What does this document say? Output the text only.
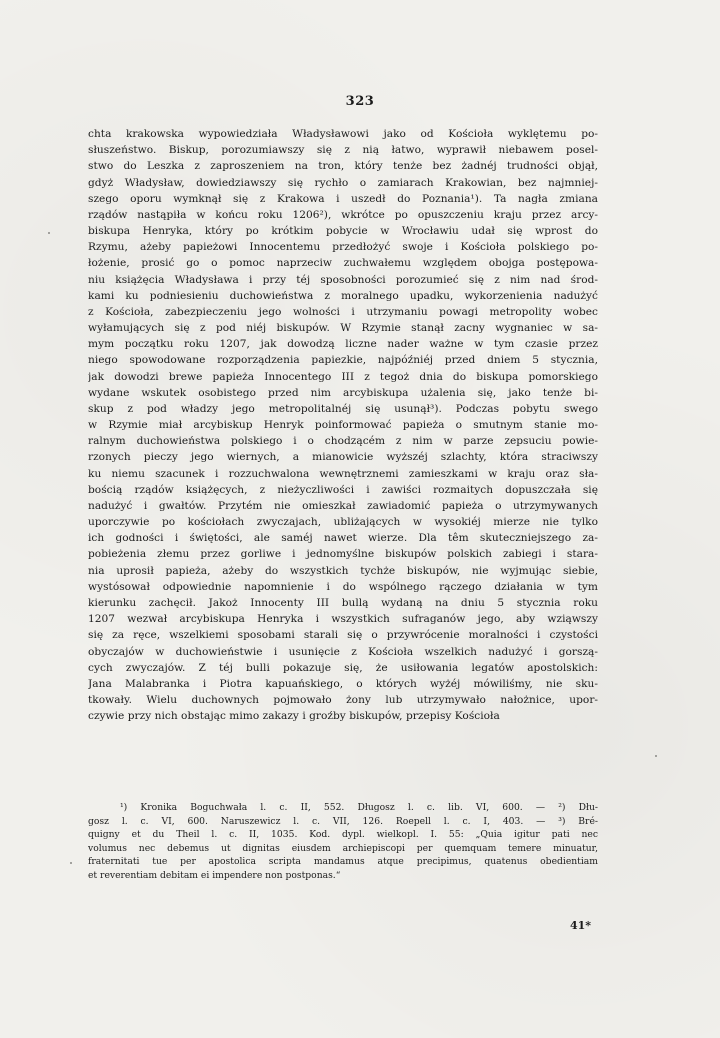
323
chta krakowska wypowiedziała Władysławowi jako od Kościoła wyklętemu po-
słuszeństwo. Biskup, porozumiawszy się z nią łatwo, wyprawił niebawem posel-
stwo do Leszka z zaproszeniem na tron, który tenże bez żadnéj trudności objął,
gdyż Władysław, dowiedziawszy się rychło o zamiarach Krakowian, bez najmniej-
szego oporu wymknął się z Krakowa i uszedł do Poznania¹). Ta nagła zmiana
rządów nastąpiła w końcu roku 1206²), wkrótce po opuszczeniu kraju przez arcy-
biskupa Henryka, który po krótkim pobycie w Wrocławiu udał się wprost do
Rzymu, ażeby papieżowi Innocentemu przedłożyć swoje i Kościoła polskiego po-
łożenie, prosić go o pomoc naprzeciw zuchwałemu względem obojga postępowa-
niu książęcia Władysława i przy téj sposobności porozumieć się z nim nad środ-
kami ku podniesieniu duchowieństwa z moralnego upadku, wykorzenienia nadużyć
z Kościoła, zabezpieczeniu jego wolności i utrzymaniu powagi metropolity wobec
wyłamujących się z pod niéj biskupów. W Rzymie stanął zacny wygnaniec w sa-
mym początku roku 1207, jak dowodzą liczne nader ważne w tym czasie przez
niego spowodowane rozporządzenia papiezkie, najpóźniéj przed dniem 5 stycznia,
jak dowodzi brewe papieża Innocentego III z tegoż dnia do biskupa pomorskiego
wydane wskutek osobistego przed nim arcybiskupa użalenia się, jako tenże bi-
skup z pod władzy jego metropolitalnéj się usunął³). Podczas pobytu swego
w Rzymie miał arcybiskup Henryk poinformować papieża o smutnym stanie mo-
ralnym duchowieństwa polskiego i o chodzącém z nim w parze zepsuciu powie-
rzonych pieczy jego wiernych, a mianowicie wyższéj szlachty, która straciwszy
ku niemu szacunek i rozzuchwalona wewnętrznemi zamieszkami w kraju oraz sła-
bością rządów książęcych, z nieżyczliwości i zawiści rozmaitych dopuszczała się
nadużyć i gwałtów. Przytém nie omieszkał zawiadomić papieża o utrzymywanych
uporczywie po kościołach zwyczajach, ubliżających w wysokiéj mierze nie tylko
ich godności i świętości, ale saméj nawet wierze. Dla têm skuteczniejszego za-
pobieżenia złemu przez gorliwe i jednomyślne biskupów polskich zabiegi i stara-
nia uprosił papieża, ażeby do wszystkich tychże biskupów, nie wyjmując siebie,
wystósował odpowiednie napomnienie i do wspólnego rączego działania w tym
kierunku zachęcił. Jakoż Innocenty III bullą wydaną na dniu 5 stycznia roku
1207 wezwał arcybiskupa Henryka i wszystkich sufraganów jego, aby wziąwszy
się za ręce, wszelkiemi sposobami starali się o przywrócenie moralności i czystości
obyczajów w duchowieństwie i usunięcie z Kościoła wszelkich nadużyć i gorszą-
cych zwyczajów. Z téj bulli pokazuje się, że usiłowania legatów apostolskich:
Jana Malabranka i Piotra kapuańskiego, o których wyżéj mówiliśmy, nie sku-
tkowały. Wielu duchownych pojmowało żony lub utrzymywało nałożnice, upor-
czywie przy nich obstając mimo zakazy i groźby biskupów, przepisy Kościoła
¹) Kronika Boguchwała l. c. II, 552. Długosz l. c. lib. VI, 600. — ²) Dłu-
gosz l. c. VI, 600. Naruszewicz l. c. VII, 126. Roepell l. c. I, 403. — ³) Bré-
quigny et du Theil l. c. II, 1035. Kod. dypl. wielkopl. I. 55: „Quia igitur pati nec
volumus nec debemus ut dignitas eiusdem archiepiscopi per quemquam temere minuatur,
fraternitati tue per apostolica scripta mandamus atque precipimus, quatenus obedientiam
et reverentiam debitam ei impendere non postponas.“
41*
